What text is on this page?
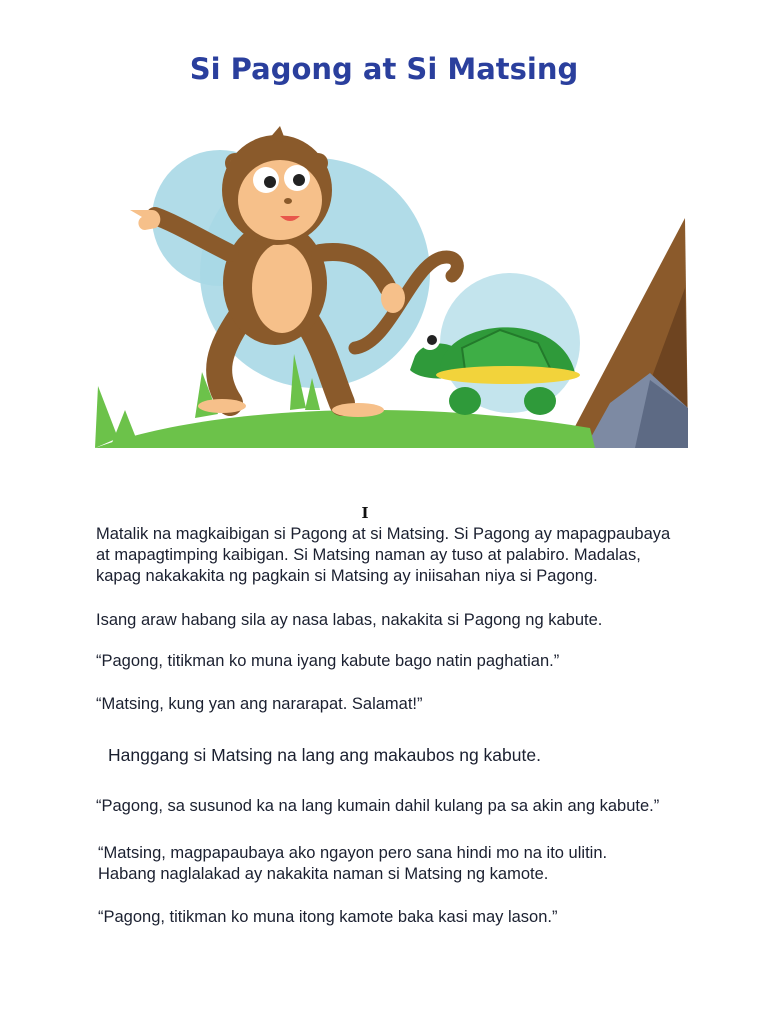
Si Pagong at Si Matsing
I

Matalik na magkaibigan si Pagong at si Matsing. Si Pagong ay mapagpaubaya
at mapagtimping kaibigan. Si Matsing naman ay tuso at palabiro. Madalas,
kapag nakakakita ng pagkain si Matsing ay iniisahan niya si Pagong.

Isang araw habang sila ay nasa labas, nakakita si Pagong ng kabute.

“Pagong, titikman ko muna iyang kabute bago natin paghatian.”

“Matsing, kung yan ang nararapat. Salamat!”

Hanggang si Matsing na lang ang makaubos ng kabute.

“Pagong, sa susunod ka na lang kumain dahil kulang pa sa akin ang kabute.”

“Matsing, magpapaubaya ako ngayon pero sana hindi mo na ito ulitin.
Habang naglalakad ay nakakita naman si Matsing ng kamote.

“Pagong, titikman ko muna itong kamote baka kasi may lason.”
